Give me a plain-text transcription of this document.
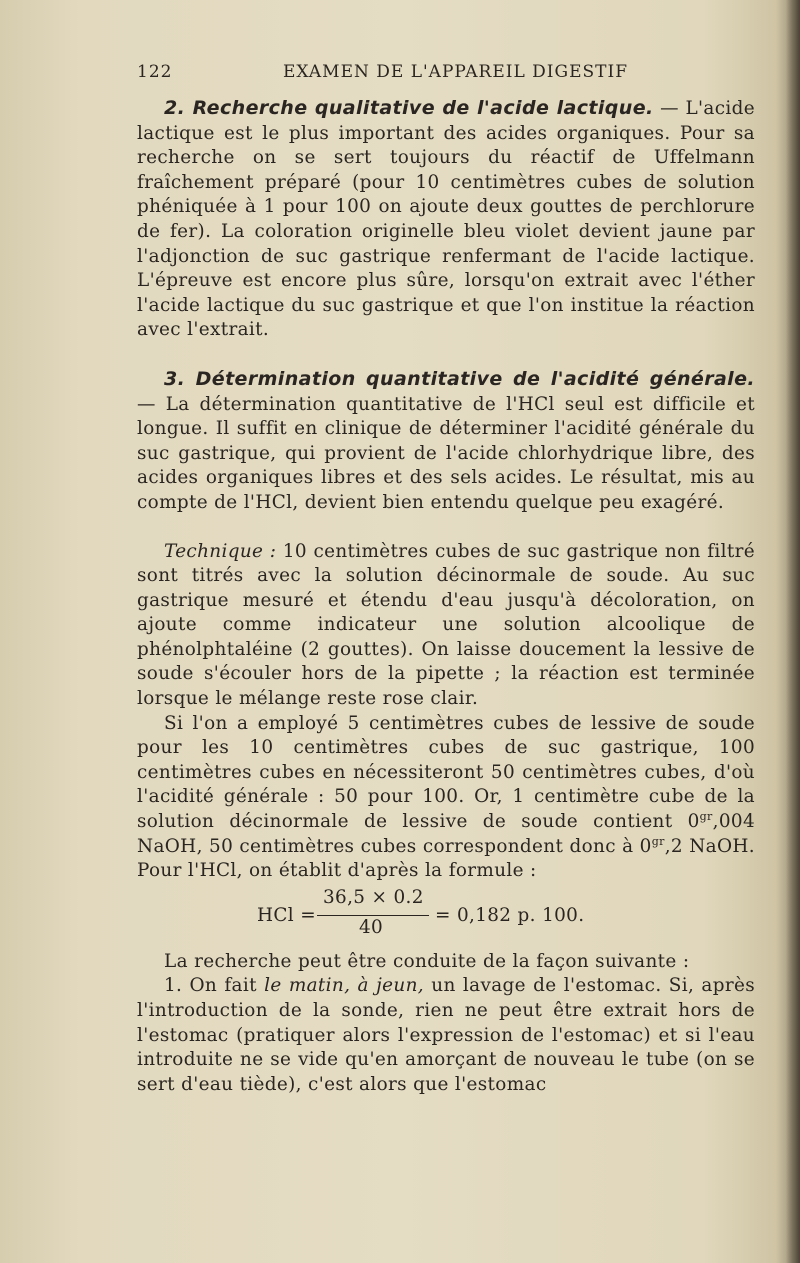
122	EXAMEN DE L'APPAREIL DIGESTIF

2. Recherche qualitative de l'acide lactique. — L'acide lactique est le plus important des acides organiques. Pour sa recherche on se sert toujours du réactif de Uffelmann fraîchement préparé (pour 10 centimètres cubes de solution phéniquée à 1 pour 100 on ajoute deux gouttes de perchlorure de fer). La coloration originelle bleu violet devient jaune par l'adjonction de suc gastrique renfermant de l'acide lactique. L'épreuve est encore plus sûre, lorsqu'on extrait avec l'éther l'acide lactique du suc gastrique et que l'on institue la réaction avec l'extrait.

3. Détermination quantitative de l'acidité générale. — La détermination quantitative de l'HCl seul est difficile et longue. Il suffit en clinique de déterminer l'acidité générale du suc gastrique, qui provient de l'acide chlorhydrique libre, des acides organiques libres et des sels acides. Le résultat, mis au compte de l'HCl, devient bien entendu quelque peu exagéré.

Technique : 10 centimètres cubes de suc gastrique non filtré sont titrés avec la solution décinormale de soude. Au suc gastrique mesuré et étendu d'eau jusqu'à décoloration, on ajoute comme indicateur une solution alcoolique de phénolphtaléine (2 gouttes). On laisse doucement la lessive de soude s'écouler hors de la pipette ; la réaction est terminée lorsque le mélange reste rose clair.

Si l'on a employé 5 centimètres cubes de lessive de soude pour les 10 centimètres cubes de suc gastrique, 100 centimètres cubes en nécessiteront 50 centimètres cubes, d'où l'acidité générale : 50 pour 100. Or, 1 centimètre cube de la solution décinormale de lessive de soude contient $0^{gr},004$ NaOH, 50 centimètres cubes correspondent donc à $0^{gr},2$ NaOH. Pour l'HCl, on établit d'après la formule :

HCl =
36,5 × 0.2
40
= 0,182 p. 100.

La recherche peut être conduite de la façon suivante :

1. On fait le matin, à jeun, un lavage de l'estomac. Si, après l'introduction de la sonde, rien ne peut être extrait hors de l'estomac (pratiquer alors l'expression de l'estomac) et si l'eau introduite ne se vide qu'en amorçant de nouveau le tube (on se sert d'eau tiède), c'est alors que l'estomac
